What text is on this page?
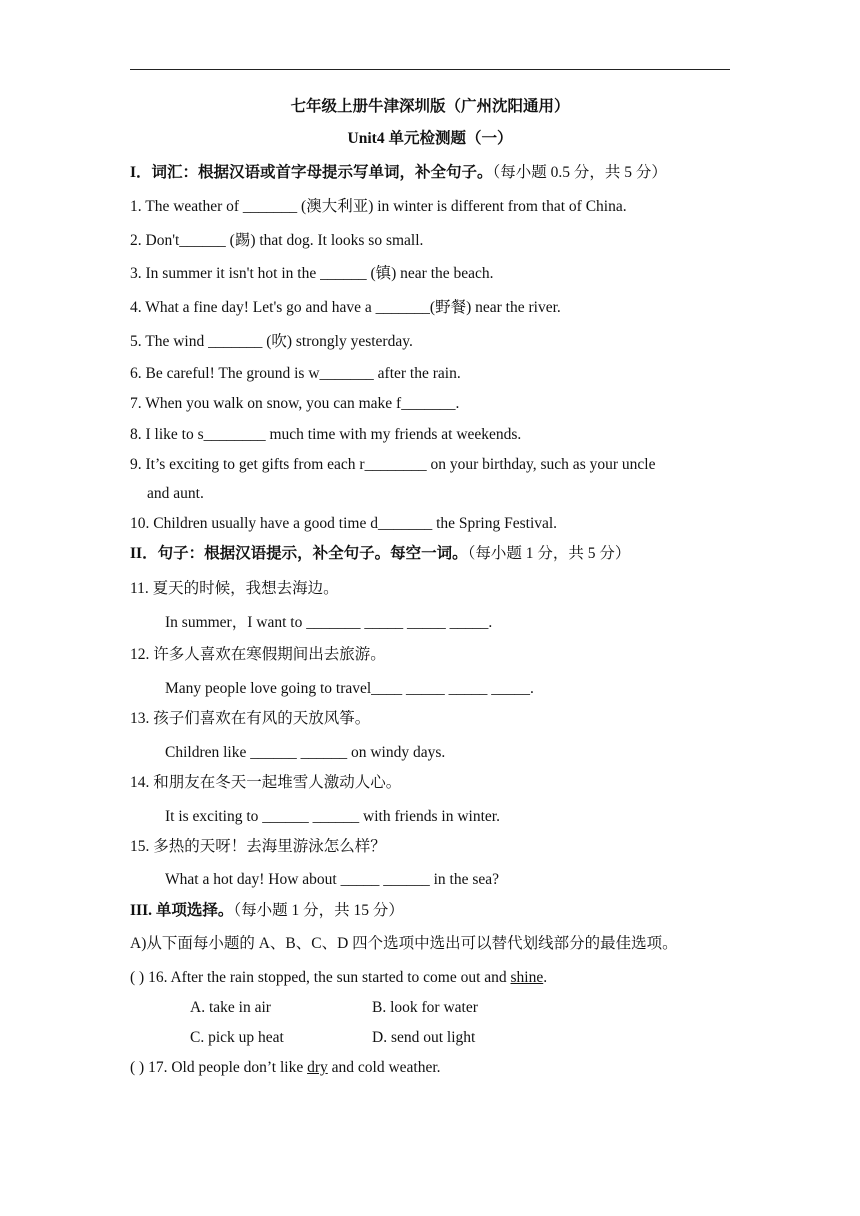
七年级上册牛津深圳版（广州沈阳通用）
Unit4 单元检测题（一）
I．词汇：根据汉语或首字母提示写单词，补全句子。（每小题 0.5 分，共 5 分）
1. The weather of _______ (澳大利亚) in winter is different from that of China.
2. Don't______ (踢) that dog. It looks so small.
3. In summer it isn't hot in the ______ (镇) near the beach.
4. What a fine day! Let's go and have a _______(野餐) near the river.
5. The wind _______ (吹) strongly yesterday.
6. Be careful! The ground is w_______ after the rain.
7. When you walk on snow, you can make f_______.
8. I like to s________ much time with my friends at weekends.
9. It’s exciting to get gifts from each r________ on your birthday, such as your uncle
and aunt.
10. Children usually have a good time d_______ the Spring Festival.
II．句子：根据汉语提示，补全句子。每空一词。（每小题 1 分，共 5 分）
11. 夏天的时候，我想去海边。
In summer，I want to _______ _____ _____ _____.
12. 许多人喜欢在寒假期间出去旅游。
Many people love going to travel____ _____ _____ _____.
13. 孩子们喜欢在有风的天放风筝。
Children like ______ ______ on windy days.
14. 和朋友在冬天一起堆雪人激动人心。
It is exciting to ______ ______ with friends in winter.
15. 多热的天呀！去海里游泳怎么样？
What a hot day! How about _____ ______ in the sea?
III. 单项选择。（每小题 1 分，共 15 分）
A)从下面每小题的 A、B、C、D 四个选项中选出可以替代划线部分的最佳选项。
( ) 16. After the rain stopped, the sun started to come out and shine.
A. take in air	B. look for water
C. pick up heat	D. send out light
( ) 17. Old people don’t like dry and cold weather.
